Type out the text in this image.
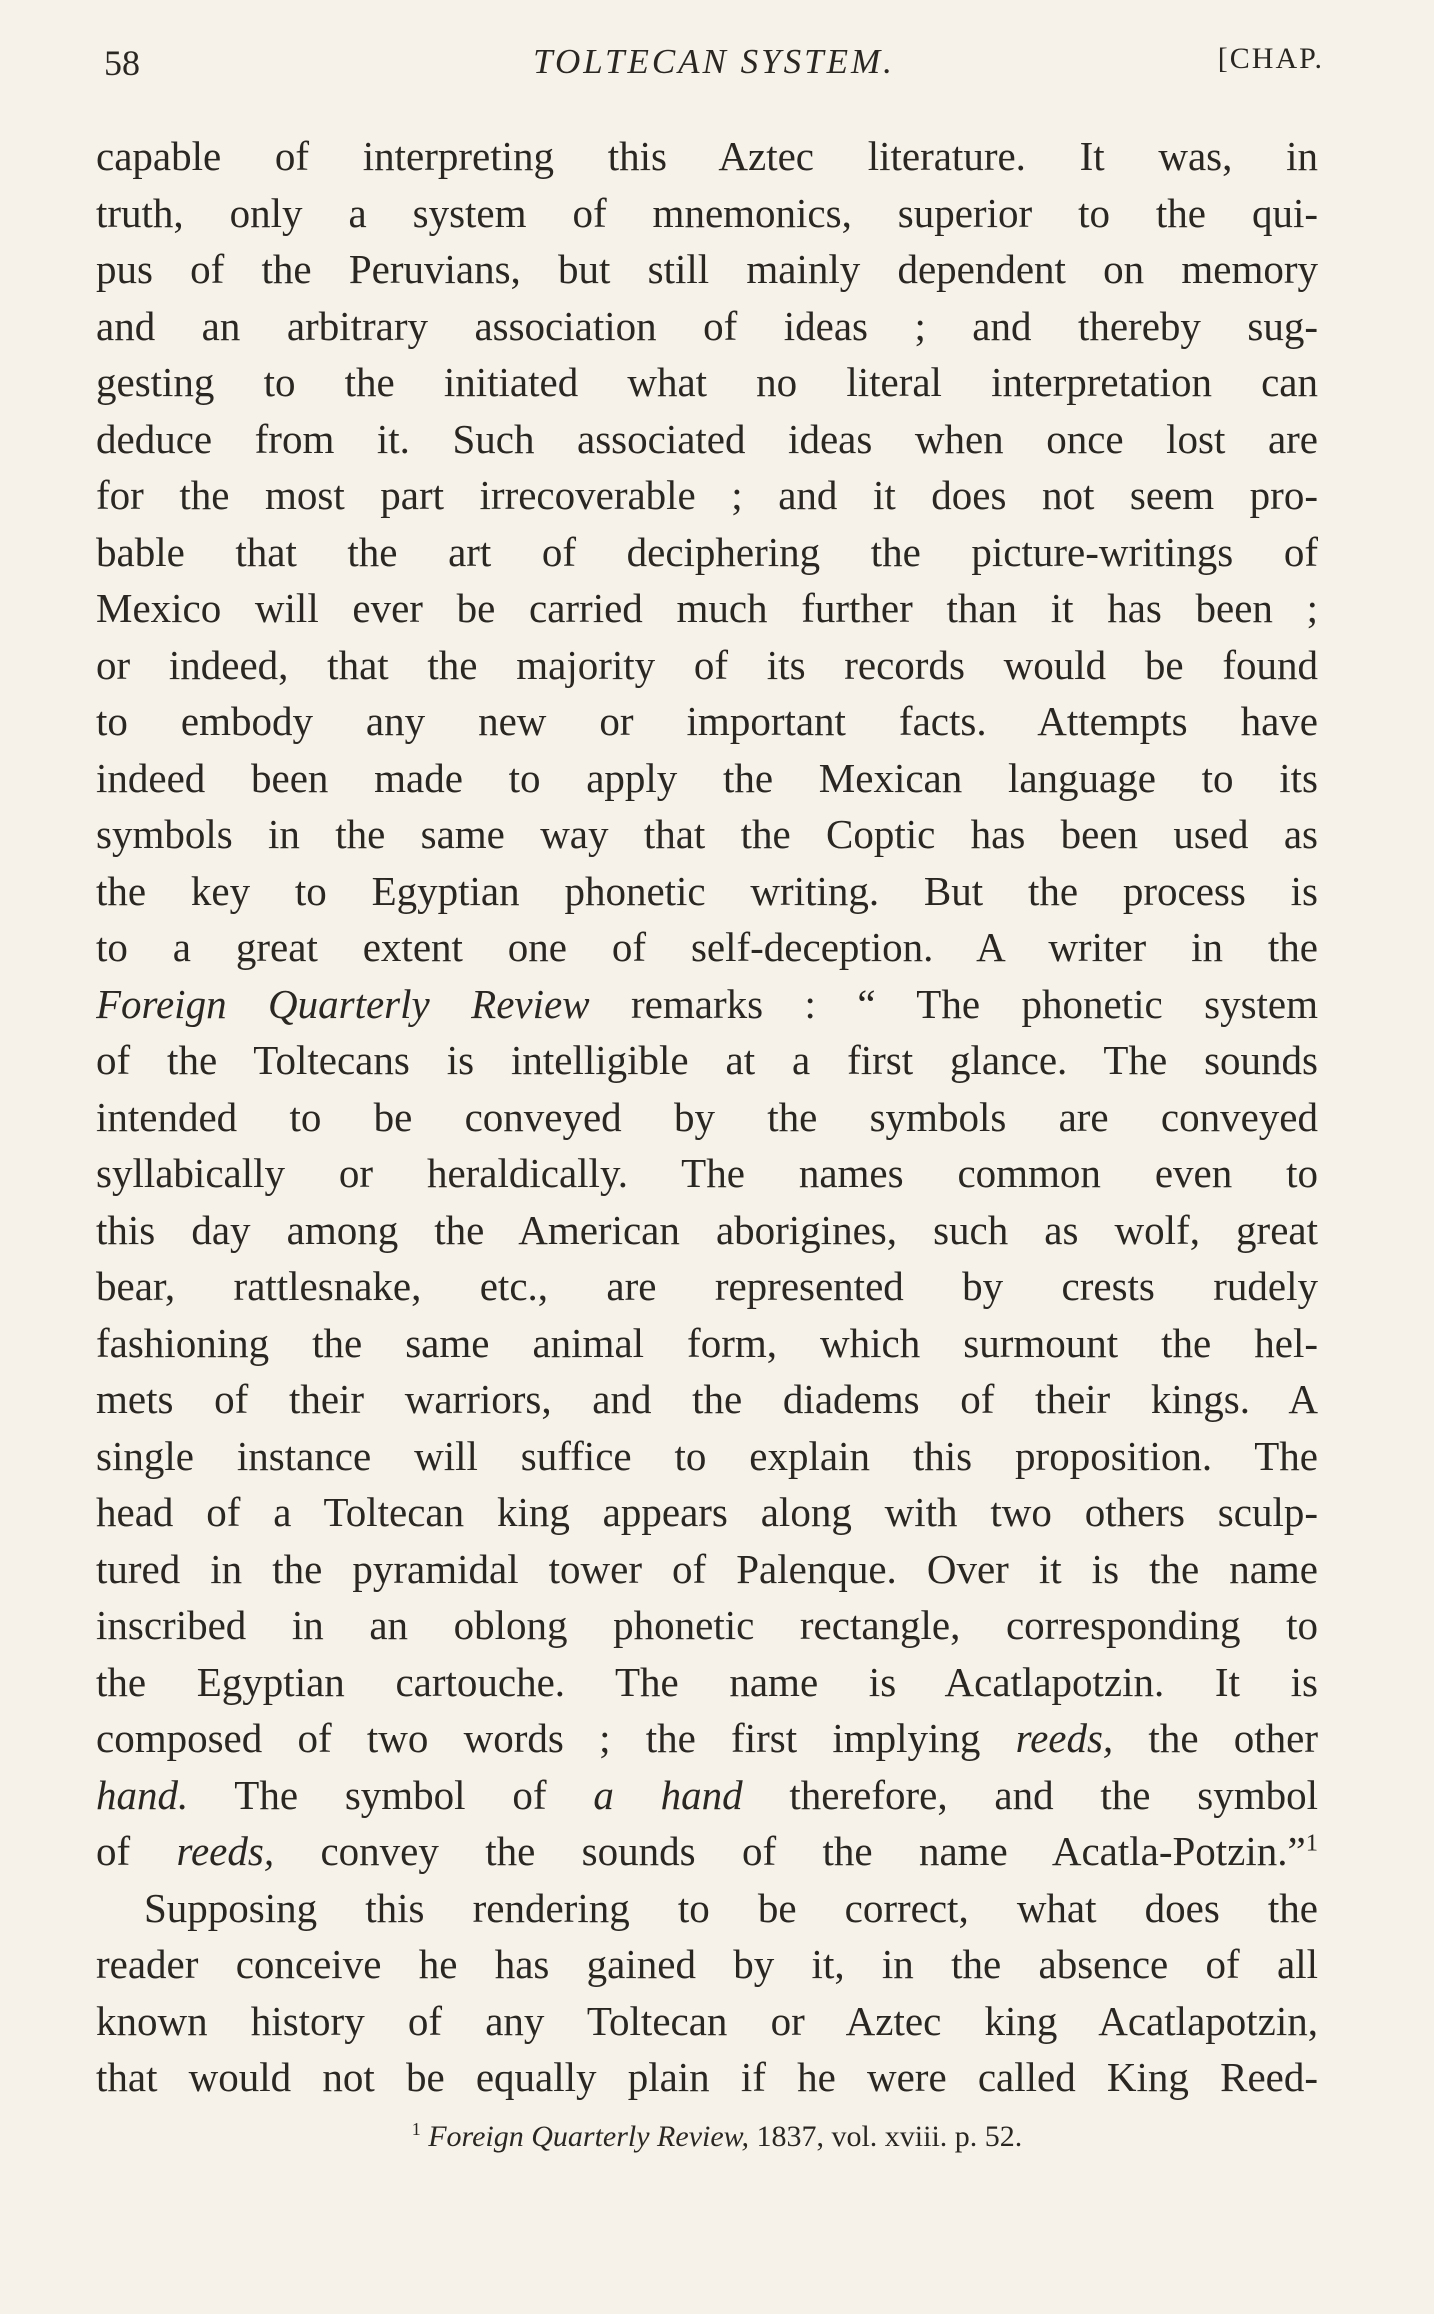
58	TOLTECAN SYSTEM.	[CHAP.
capable of interpreting this Aztec literature. It was, in
truth, only a system of mnemonics, superior to the qui-
pus of the Peruvians, but still mainly dependent on memory
and an arbitrary association of ideas ; and thereby sug-
gesting to the initiated what no literal interpretation can
deduce from it. Such associated ideas when once lost are
for the most part irrecoverable ; and it does not seem pro-
bable that the art of deciphering the picture-writings of
Mexico will ever be carried much further than it has been ;
or indeed, that the majority of its records would be found
to embody any new or important facts. Attempts have
indeed been made to apply the Mexican language to its
symbols in the same way that the Coptic has been used as
the key to Egyptian phonetic writing. But the process is
to a great extent one of self-deception. A writer in the
Foreign Quarterly Review remarks : “ The phonetic system
of the Toltecans is intelligible at a first glance. The sounds
intended to be conveyed by the symbols are conveyed
syllabically or heraldically. The names common even to
this day among the American aborigines, such as wolf, great
bear, rattlesnake, etc., are represented by crests rudely
fashioning the same animal form, which surmount the hel-
mets of their warriors, and the diadems of their kings. A
single instance will suffice to explain this proposition. The
head of a Toltecan king appears along with two others sculp-
tured in the pyramidal tower of Palenque. Over it is the name
inscribed in an oblong phonetic rectangle, corresponding to
the Egyptian cartouche. The name is Acatlapotzin. It is
composed of two words ; the first implying reeds, the other
hand. The symbol of a hand therefore, and the symbol
of reeds, convey the sounds of the name Acatla-Potzin.”$^1$
Supposing this rendering to be correct, what does the
reader conceive he has gained by it, in the absence of all
known history of any Toltecan or Aztec king Acatlapotzin,
that would not be equally plain if he were called King Reed-
$^1$ Foreign Quarterly Review, 1837, vol. xviii. p. 52.
